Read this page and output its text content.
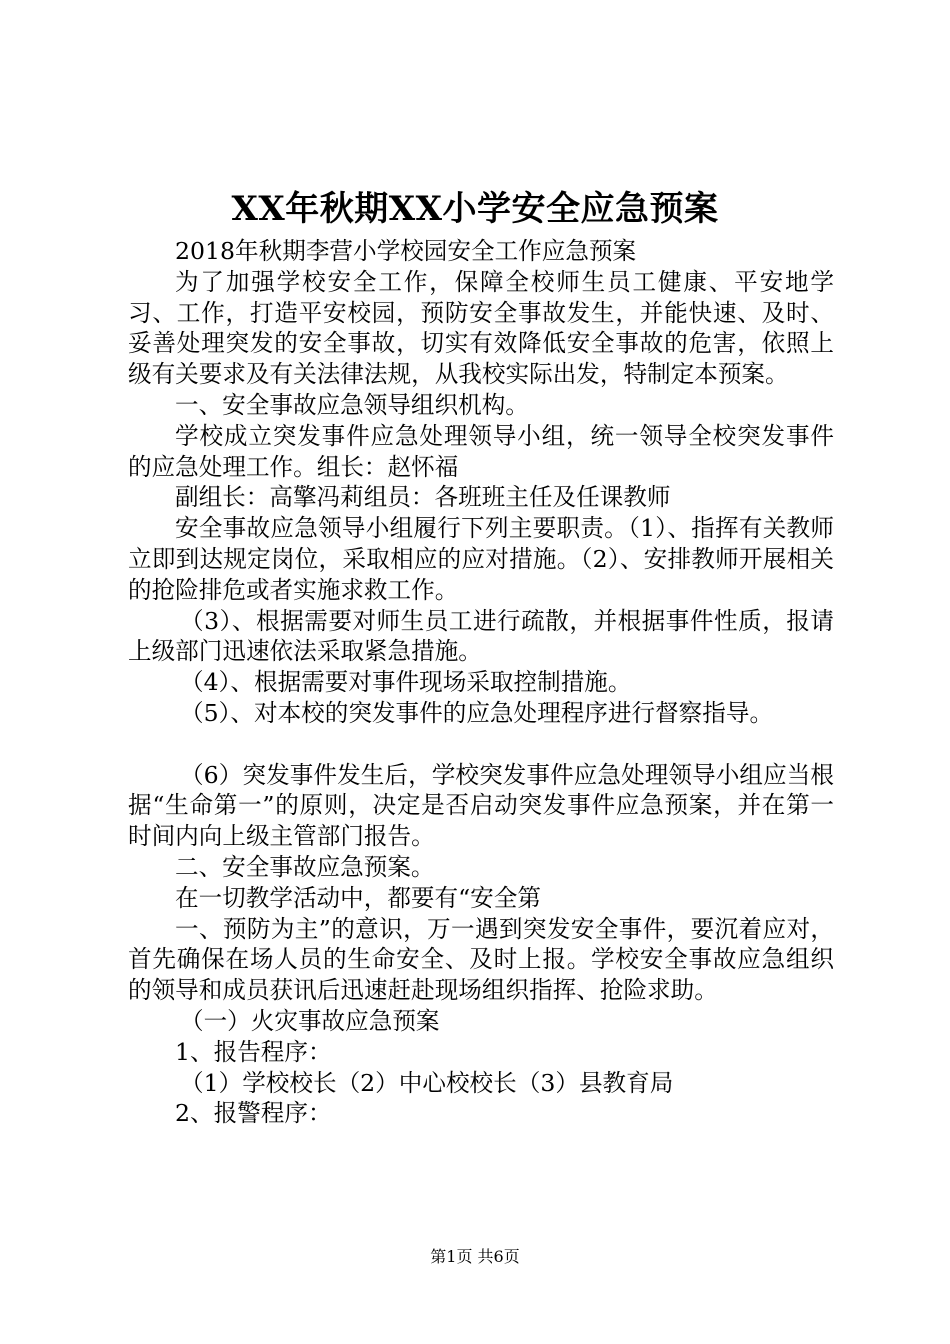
XX年秋期XX小学安全应急预案

2018年秋期李营小学校园安全工作应急预案

为了加强学校安全工作，保障全校师生员工健康、平安地学习、工作，打造平安校园，预防安全事故发生，并能快速、及时、妥善处理突发的安全事故，切实有效降低安全事故的危害，依照上级有关要求及有关法律法规，从我校实际出发，特制定本预案。

一、安全事故应急领导组织机构。

学校成立突发事件应急处理领导小组，统一领导全校突发事件的应急处理工作。组长：赵怀福

副组长：高擎冯莉组员：各班班主任及任课教师

安全事故应急领导小组履行下列主要职责。（1）、指挥有关教师立即到达规定岗位，采取相应的应对措施。（2）、安排教师开展相关的抢险排危或者实施求救工作。

（3）、根据需要对师生员工进行疏散，并根据事件性质，报请上级部门迅速依法采取紧急措施。

（4）、根据需要对事件现场采取控制措施。

（5）、对本校的突发事件的应急处理程序进行督察指导。

（6）突发事件发生后，学校突发事件应急处理领导小组应当根据“生命第一”的原则，决定是否启动突发事件应急预案，并在第一时间内向上级主管部门报告。

二、安全事故应急预案。

在一切教学活动中，都要有“安全第

一、预防为主”的意识，万一遇到突发安全事件，要沉着应对，首先确保在场人员的生命安全、及时上报。学校安全事故应急组织的领导和成员获讯后迅速赶赴现场组织指挥、抢险求助。

（一）火灾事故应急预案

1、报告程序：

（1）学校校长（2）中心校校长（3）县教育局

2、报警程序：

第1页 共6页
